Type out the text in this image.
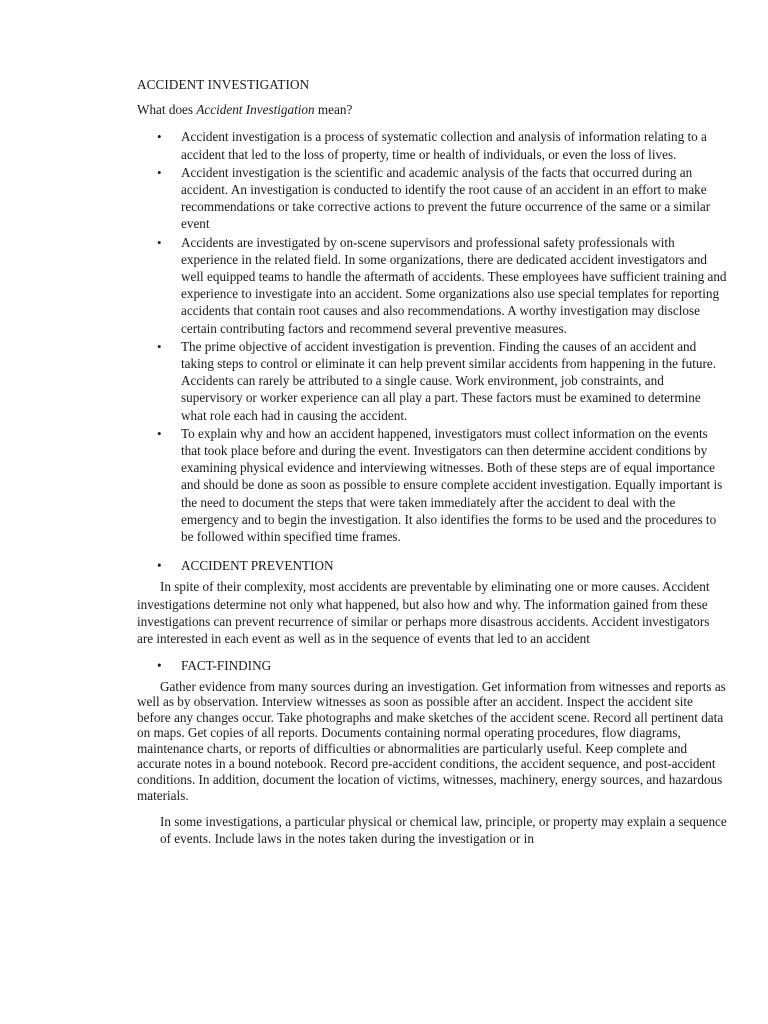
ACCIDENT INVESTIGATION

What does Accident Investigation mean?

• Accident investigation is a process of systematic collection and analysis of information relating to a accident that led to the loss of property, time or health of individuals, or even the loss of lives.
• Accident investigation is the scientific and academic analysis of the facts that occurred during an accident. An investigation is conducted to identify the root cause of an accident in an effort to make recommendations or take corrective actions to prevent the future occurrence of the same or a similar event
• Accidents are investigated by on-scene supervisors and professional safety professionals with experience in the related field. In some organizations, there are dedicated accident investigators and well equipped teams to handle the aftermath of accidents. These employees have sufficient training and experience to investigate into an accident. Some organizations also use special templates for reporting accidents that contain root causes and also recommendations. A worthy investigation may disclose certain contributing factors and recommend several preventive measures.
• The prime objective of accident investigation is prevention. Finding the causes of an accident and taking steps to control or eliminate it can help prevent similar accidents from happening in the future. Accidents can rarely be attributed to a single cause. Work environment, job constraints, and supervisory or worker experience can all play a part. These factors must be examined to determine what role each had in causing the accident.
• To explain why and how an accident happened, investigators must collect information on the events that took place before and during the event. Investigators can then determine accident conditions by examining physical evidence and interviewing witnesses. Both of these steps are of equal importance and should be done as soon as possible to ensure complete accident investigation. Equally important is the need to document the steps that were taken immediately after the accident to deal with the emergency and to begin the investigation. It also identifies the forms to be used and the procedures to be followed within specified time frames.
• ACCIDENT PREVENTION

In spite of their complexity, most accidents are preventable by eliminating one or more causes. Accident investigations determine not only what happened, but also how and why. The information gained from these investigations can prevent recurrence of similar or perhaps more disastrous accidents. Accident investigators are interested in each event as well as in the sequence of events that led to an accident

• FACT-FINDING

Gather evidence from many sources during an investigation. Get information from witnesses and reports as well as by observation. Interview witnesses as soon as possible after an accident. Inspect the accident site before any changes occur. Take photographs and make sketches of the accident scene. Record all pertinent data on maps. Get copies of all reports. Documents containing normal operating procedures, flow diagrams, maintenance charts, or reports of difficulties or abnormalities are particularly useful. Keep complete and accurate notes in a bound notebook. Record pre-accident conditions, the accident sequence, and post-accident conditions. In addition, document the location of victims, witnesses, machinery, energy sources, and hazardous materials.

In some investigations, a particular physical or chemical law, principle, or property may explain a sequence of events. Include laws in the notes taken during the investigation or in
